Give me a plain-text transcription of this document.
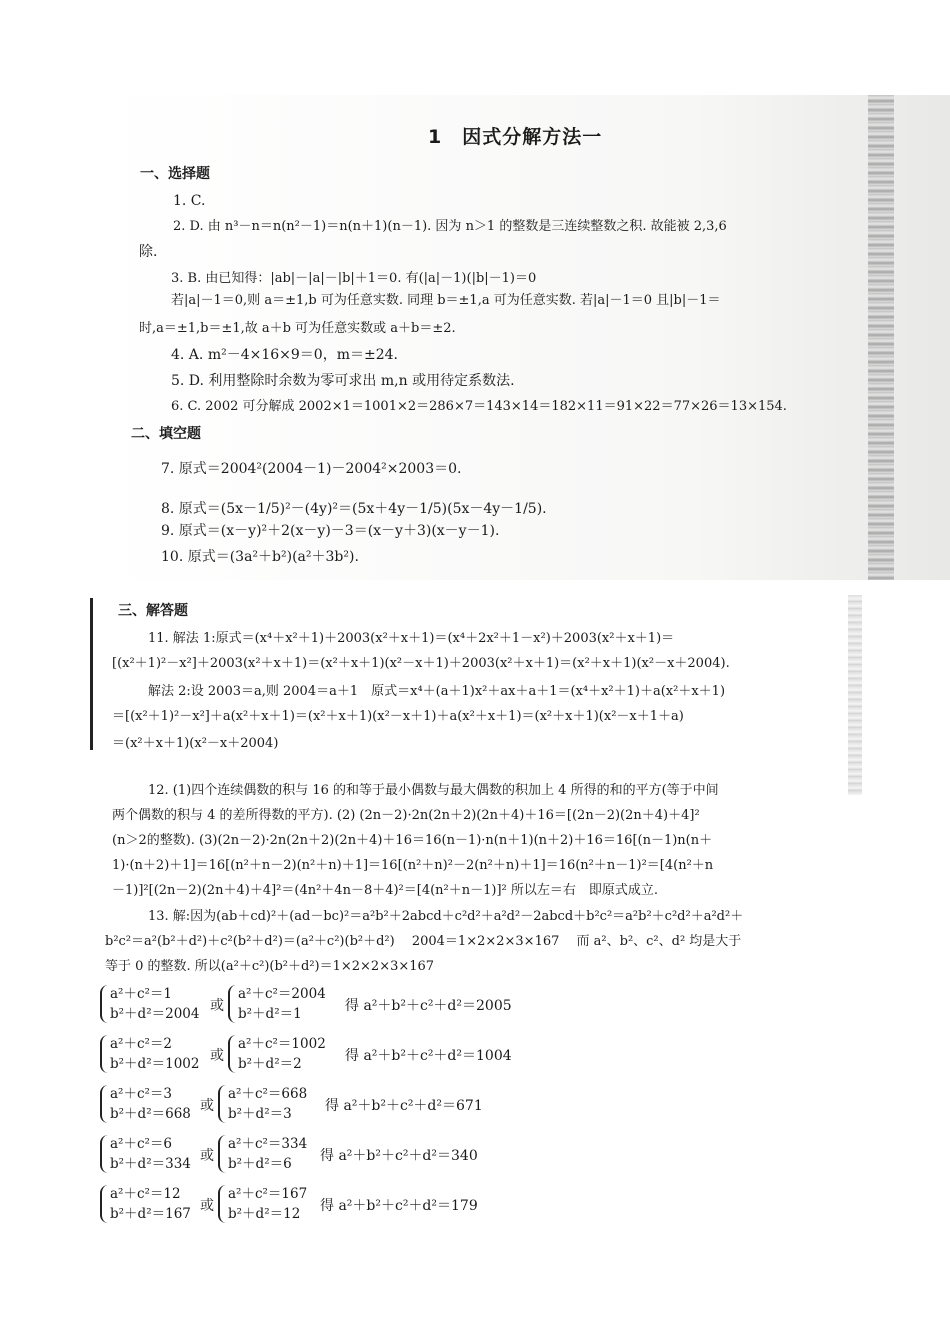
1　因式分解方法一
一、选择题
1. C.
2. D. 由 n³－n＝n(n²－1)＝n(n＋1)(n－1). 因为 n＞1 的整数是三连续整数之积. 故能被 2,3,6
除.
3. B. 由已知得：|ab|－|a|－|b|＋1＝0. 有(|a|－1)(|b|－1)＝0
若|a|－1＝0,则 a＝±1,b 可为任意实数. 同理 b＝±1,a 可为任意实数. 若|a|－1＝0 且|b|－1＝
时,a＝±1,b＝±1,故 a＋b 可为任意实数或 a＋b＝±2.
4. A. m²－4×16×9＝0，m＝±24.
5. D. 利用整除时余数为零可求出 m,n 或用待定系数法.
6. C. 2002 可分解成 2002×1＝1001×2＝286×7＝143×14＝182×11＝91×22＝77×26＝13×154.
二、填空题
7. 原式＝2004²(2004－1)－2004²×2003＝0.
8. 原式＝(5x－1/5)²－(4y)²＝(5x＋4y－1/5)(5x－4y－1/5).
9. 原式＝(x－y)²＋2(x－y)－3＝(x－y＋3)(x－y－1).
10. 原式＝(3a²＋b²)(a²＋3b²).
三、解答题
11. 解法 1:原式＝(x⁴＋x²＋1)＋2003(x²＋x＋1)＝(x⁴＋2x²＋1－x²)＋2003(x²＋x＋1)＝
[(x²＋1)²－x²]＋2003(x²＋x＋1)＝(x²＋x＋1)(x²－x＋1)＋2003(x²＋x＋1)＝(x²＋x＋1)(x²－x＋2004).
解法 2:设 2003＝a,则 2004＝a＋1　原式＝x⁴＋(a＋1)x²＋ax＋a＋1＝(x⁴＋x²＋1)＋a(x²＋x＋1)
＝[(x²＋1)²－x²]＋a(x²＋x＋1)＝(x²＋x＋1)(x²－x＋1)＋a(x²＋x＋1)＝(x²＋x＋1)(x²－x＋1＋a)
＝(x²＋x＋1)(x²－x＋2004)
12. (1)四个连续偶数的积与 16 的和等于最小偶数与最大偶数的积加上 4 所得的和的平方(等于中间
两个偶数的积与 4 的差所得数的平方). (2) (2n－2)·2n(2n＋2)(2n＋4)＋16＝[(2n－2)(2n＋4)＋4]²
(n＞2的整数). (3)(2n－2)·2n(2n＋2)(2n＋4)＋16＝16(n－1)·n(n＋1)(n＋2)＋16＝16[(n－1)n(n＋
1)·(n＋2)＋1]＝16[(n²＋n－2)(n²＋n)＋1]＝16[(n²＋n)²－2(n²＋n)＋1]＝16(n²＋n－1)²＝[4(n²＋n
－1)]²[(2n－2)(2n＋4)＋4]²＝(4n²＋4n－8＋4)²＝[4(n²＋n－1)]² 所以左＝右　即原式成立.
13. 解:因为(ab＋cd)²＋(ad－bc)²＝a²b²＋2abcd＋c²d²＋a²d²－2abcd＋b²c²＝a²b²＋c²d²＋a²d²＋
b²c²＝a²(b²＋d²)＋c²(b²＋d²)＝(a²＋c²)(b²＋d²)　 2004＝1×2×2×3×167　 而 a²、b²、c²、d² 均是大于
等于 0 的整数. 所以(a²＋c²)(b²＋d²)＝1×2×2×3×167
a²＋c²＝1
b²＋d²＝2004 或
a²＋c²＝2004
b²＋d²＝1	得 a²＋b²＋c²＋d²＝2005
a²＋c²＝2
b²＋d²＝1002 或
a²＋c²＝1002
b²＋d²＝2	得 a²＋b²＋c²＋d²＝1004
a²＋c²＝3
b²＋d²＝668 或
a²＋c²＝668
b²＋d²＝3 得 a²＋b²＋c²＋d²＝671
a²＋c²＝6
b²＋d²＝334 或
a²＋c²＝334
b²＋d²＝6 得 a²＋b²＋c²＋d²＝340
a²＋c²＝12
b²＋d²＝167 或
a²＋c²＝167
b²＋d²＝12 得 a²＋b²＋c²＋d²＝179
